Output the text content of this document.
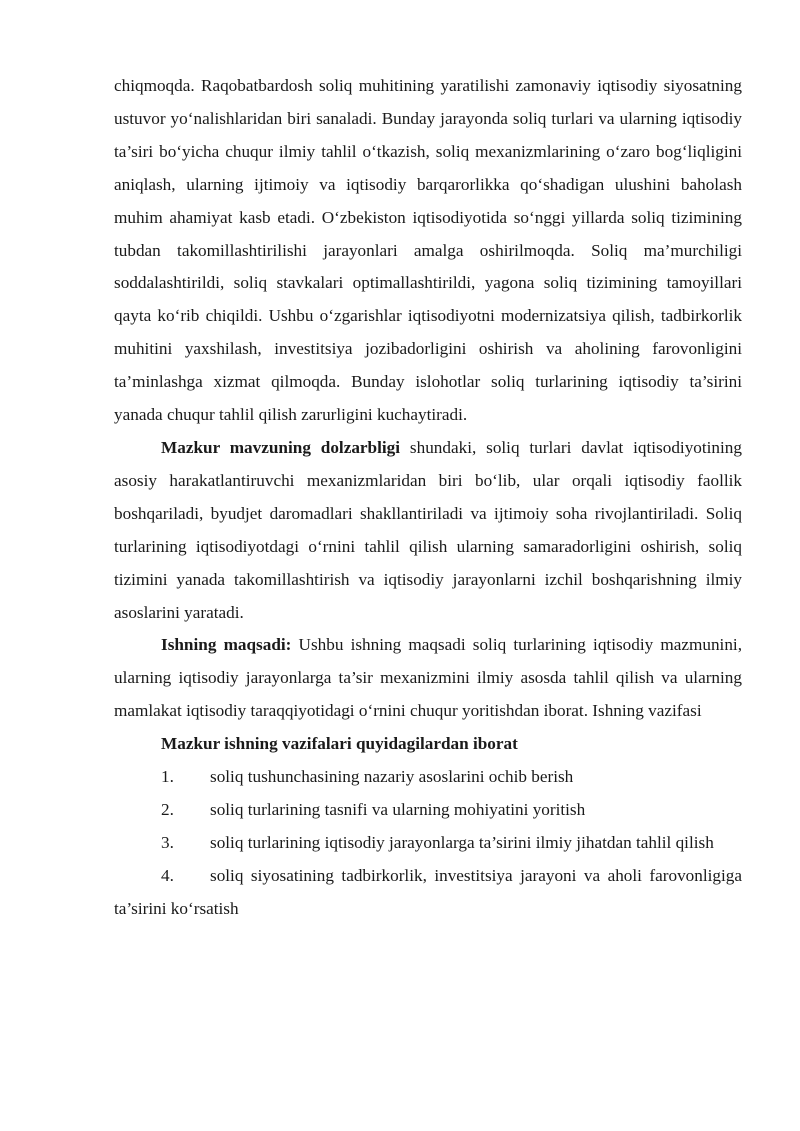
chiqmoqda. Raqobatbardosh soliq muhitining yaratilishi zamonaviy iqtisodiy siyosatning ustuvor yo‘nalishlaridan biri sanaladi. Bunday jarayonda soliq turlari va ularning iqtisodiy ta’siri bo‘yicha chuqur ilmiy tahlil o‘tkazish, soliq mexanizmlarining o‘zaro bog‘liqligini aniqlash, ularning ijtimoiy va iqtisodiy barqarorlikka qo‘shadigan ulushini baholash muhim ahamiyat kasb etadi. O‘zbekiston iqtisodiyotida so‘nggi yillarda soliq tizimining tubdan takomillashtirilishi jarayonlari amalga oshirilmoqda. Soliq ma’murchiligi soddalashtirildi, soliq stavkalari optimallashtirildi, yagona soliq tizimining tamoyillari qayta ko‘rib chiqildi. Ushbu o‘zgarishlar iqtisodiyotni modernizatsiya qilish, tadbirkorlik muhitini yaxshilash, investitsiya jozibadorligini oshirish va aholining farovonligini ta’minlashga xizmat qilmoqda. Bunday islohotlar soliq turlarining iqtisodiy ta’sirini yanada chuqur tahlil qilish zarurligini kuchaytiradi.

Mazkur mavzuning dolzarbligi shundaki, soliq turlari davlat iqtisodiyotining asosiy harakatlantiruvchi mexanizmlaridan biri bo‘lib, ular orqali iqtisodiy faollik boshqariladi, byudjet daromadlari shakllantiriladi va ijtimoiy soha rivojlantiriladi. Soliq turlarining iqtisodiyotdagi o‘rnini tahlil qilish ularning samaradorligini oshirish, soliq tizimini yanada takomillashtirish va iqtisodiy jarayonlarni izchil boshqarishning ilmiy asoslarini yaratadi.

Ishning maqsadi: Ushbu ishning maqsadi soliq turlarining iqtisodiy mazmunini, ularning iqtisodiy jarayonlarga ta’sir mexanizmini ilmiy asosda tahlil qilish va ularning mamlakat iqtisodiy taraqqiyotidagi o‘rnini chuqur yoritishdan iborat. Ishning vazifasi

Mazkur ishning vazifalari quyidagilardan iborat

1. soliq tushunchasining nazariy asoslarini ochib berish

2. soliq turlarining tasnifi va ularning mohiyatini yoritish

3. soliq turlarining iqtisodiy jarayonlarga ta’sirini ilmiy jihatdan tahlil qilish

4. soliq siyosatining tadbirkorlik, investitsiya jarayoni va aholi farovonligiga ta’sirini ko‘rsatish
